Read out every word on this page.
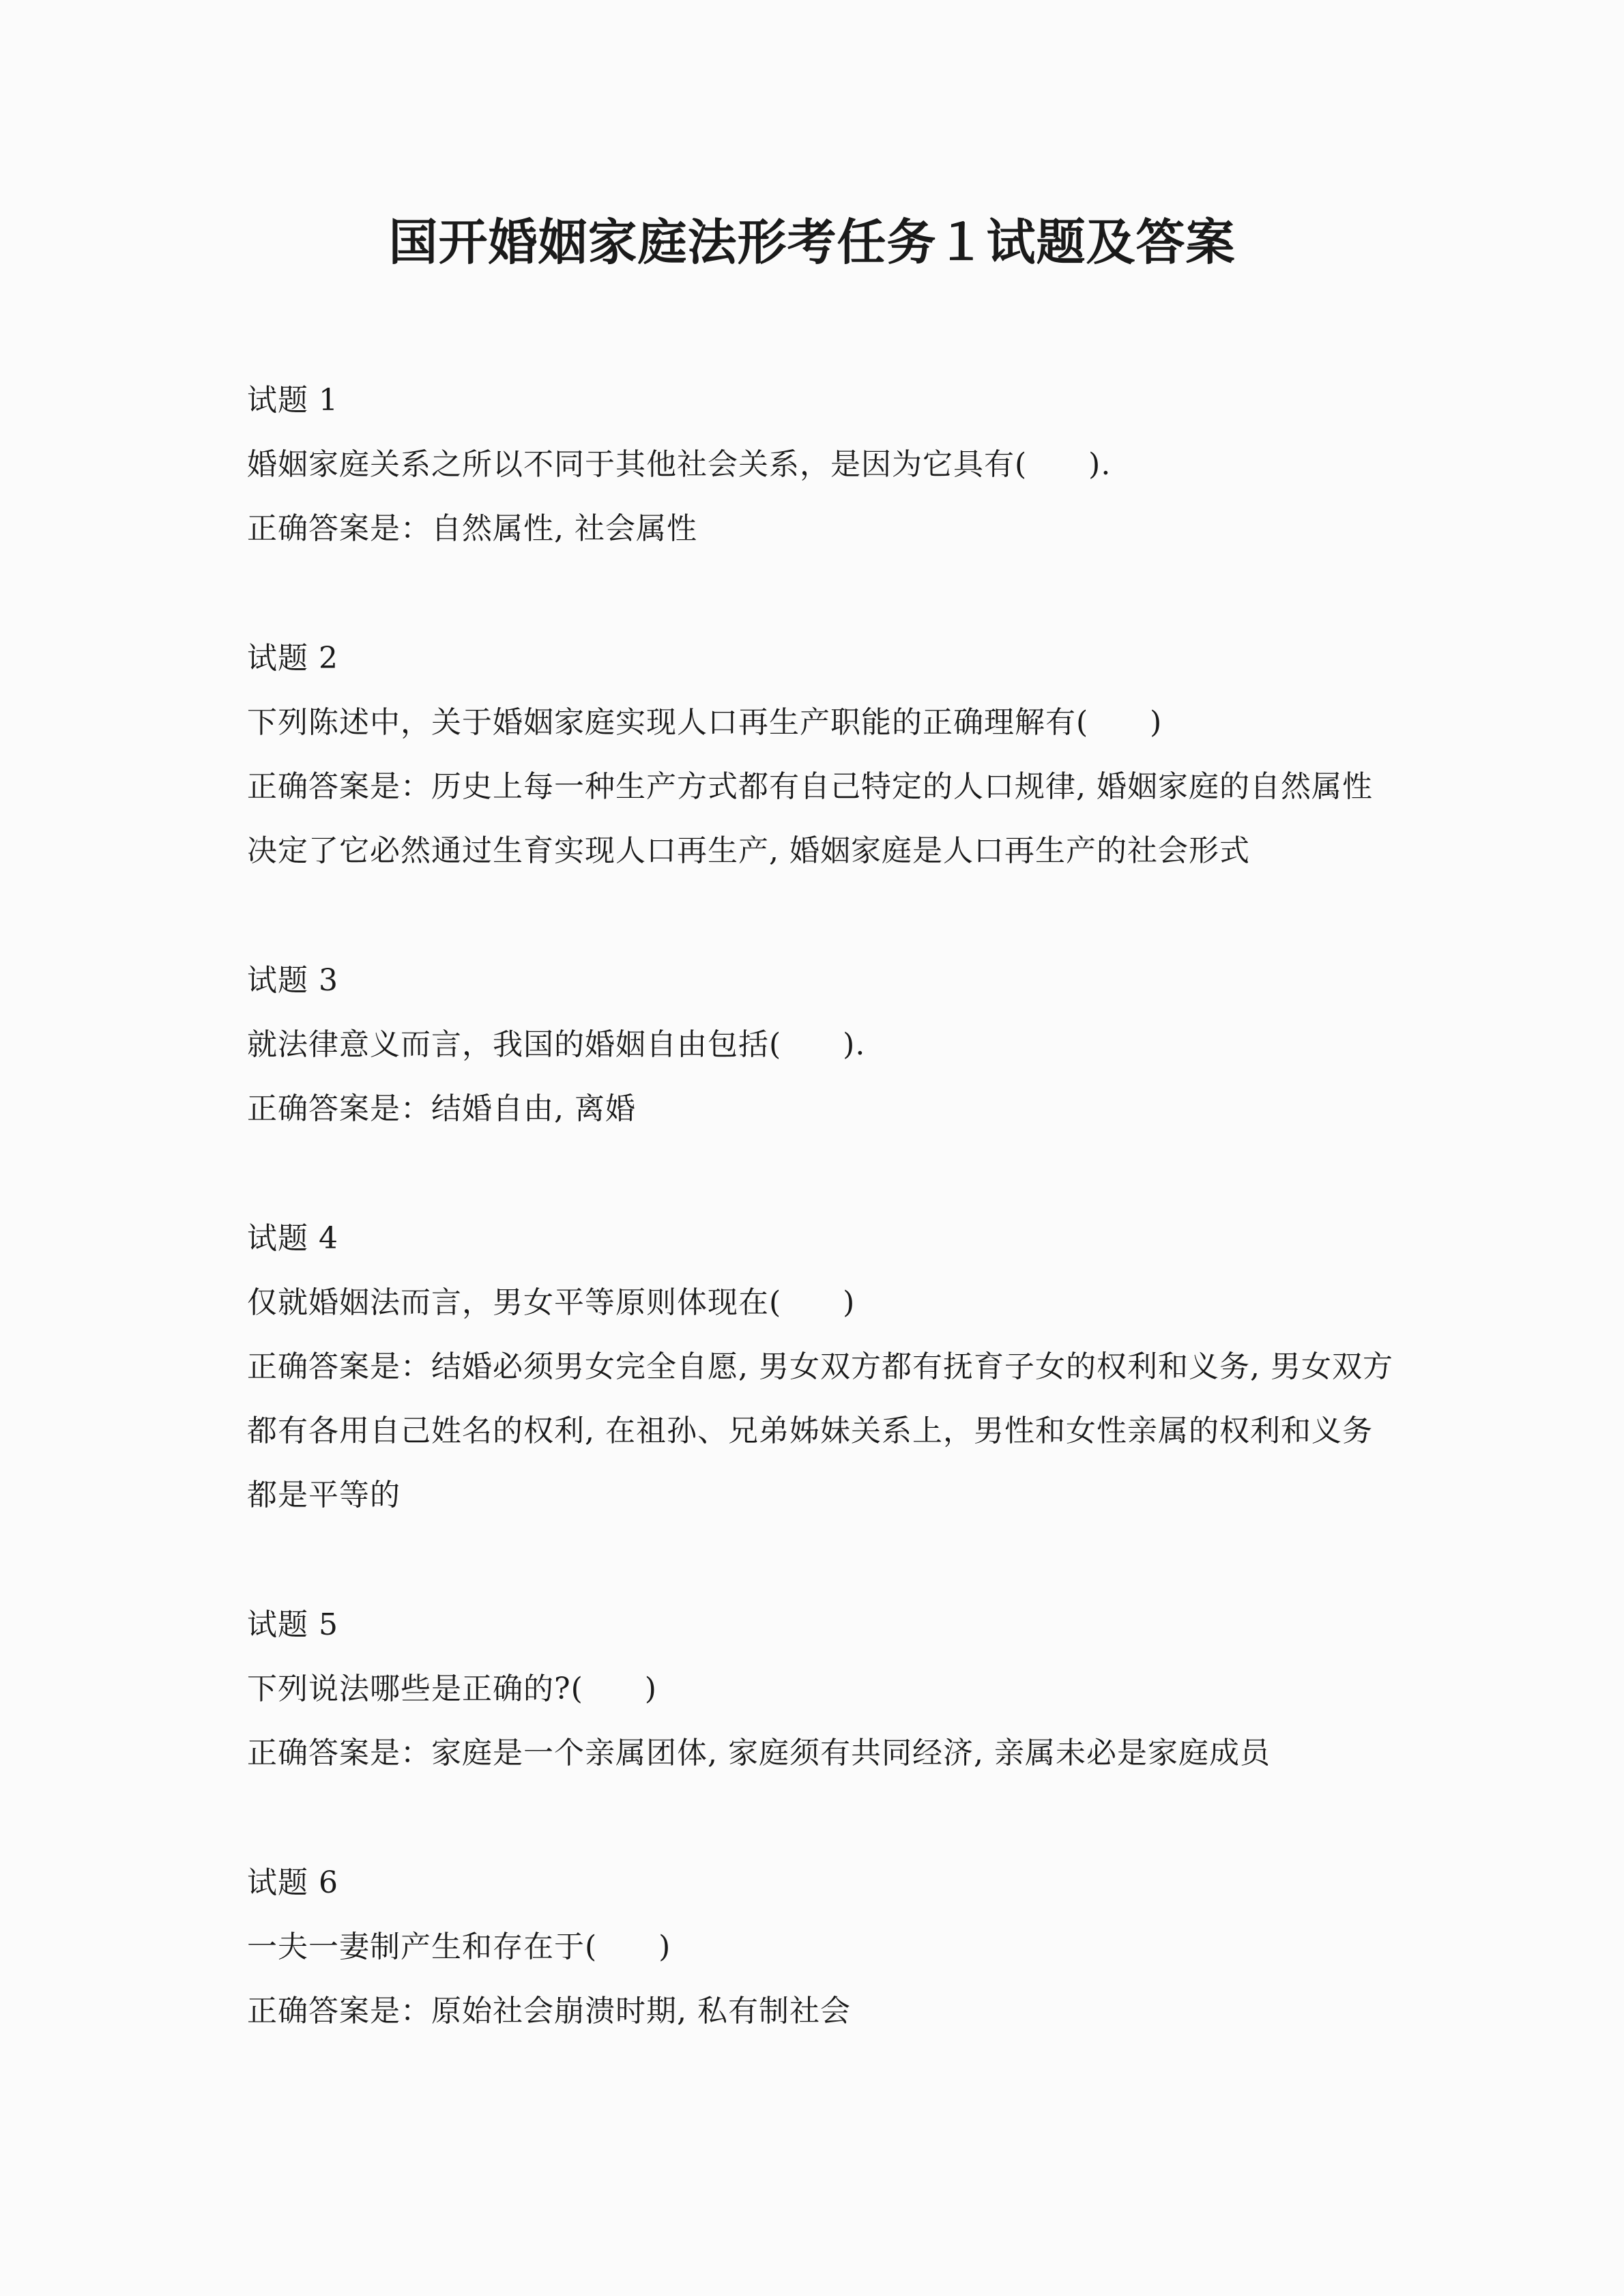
国开婚姻家庭法形考任务１试题及答案

试题 1

婚姻家庭关系之所以不同于其他社会关系，是因为它具有(　　).

正确答案是：自然属性, 社会属性

试题 2

下列陈述中，关于婚姻家庭实现人口再生产职能的正确理解有(　　)

正确答案是：历史上每一种生产方式都有自己特定的人口规律, 婚姻家庭的自然属性决定了它必然通过生育实现人口再生产, 婚姻家庭是人口再生产的社会形式

试题 3

就法律意义而言，我国的婚姻自由包括(　　).

正确答案是：结婚自由, 离婚

试题 4

仅就婚姻法而言，男女平等原则体现在(　　)

正确答案是：结婚必须男女完全自愿, 男女双方都有抚育子女的权利和义务, 男女双方都有各用自己姓名的权利, 在祖孙、兄弟姊妹关系上，男性和女性亲属的权利和义务都是平等的

试题 5

下列说法哪些是正确的?(　　)

正确答案是：家庭是一个亲属团体, 家庭须有共同经济, 亲属未必是家庭成员

试题 6

一夫一妻制产生和存在于(　　)

正确答案是：原始社会崩溃时期, 私有制社会
